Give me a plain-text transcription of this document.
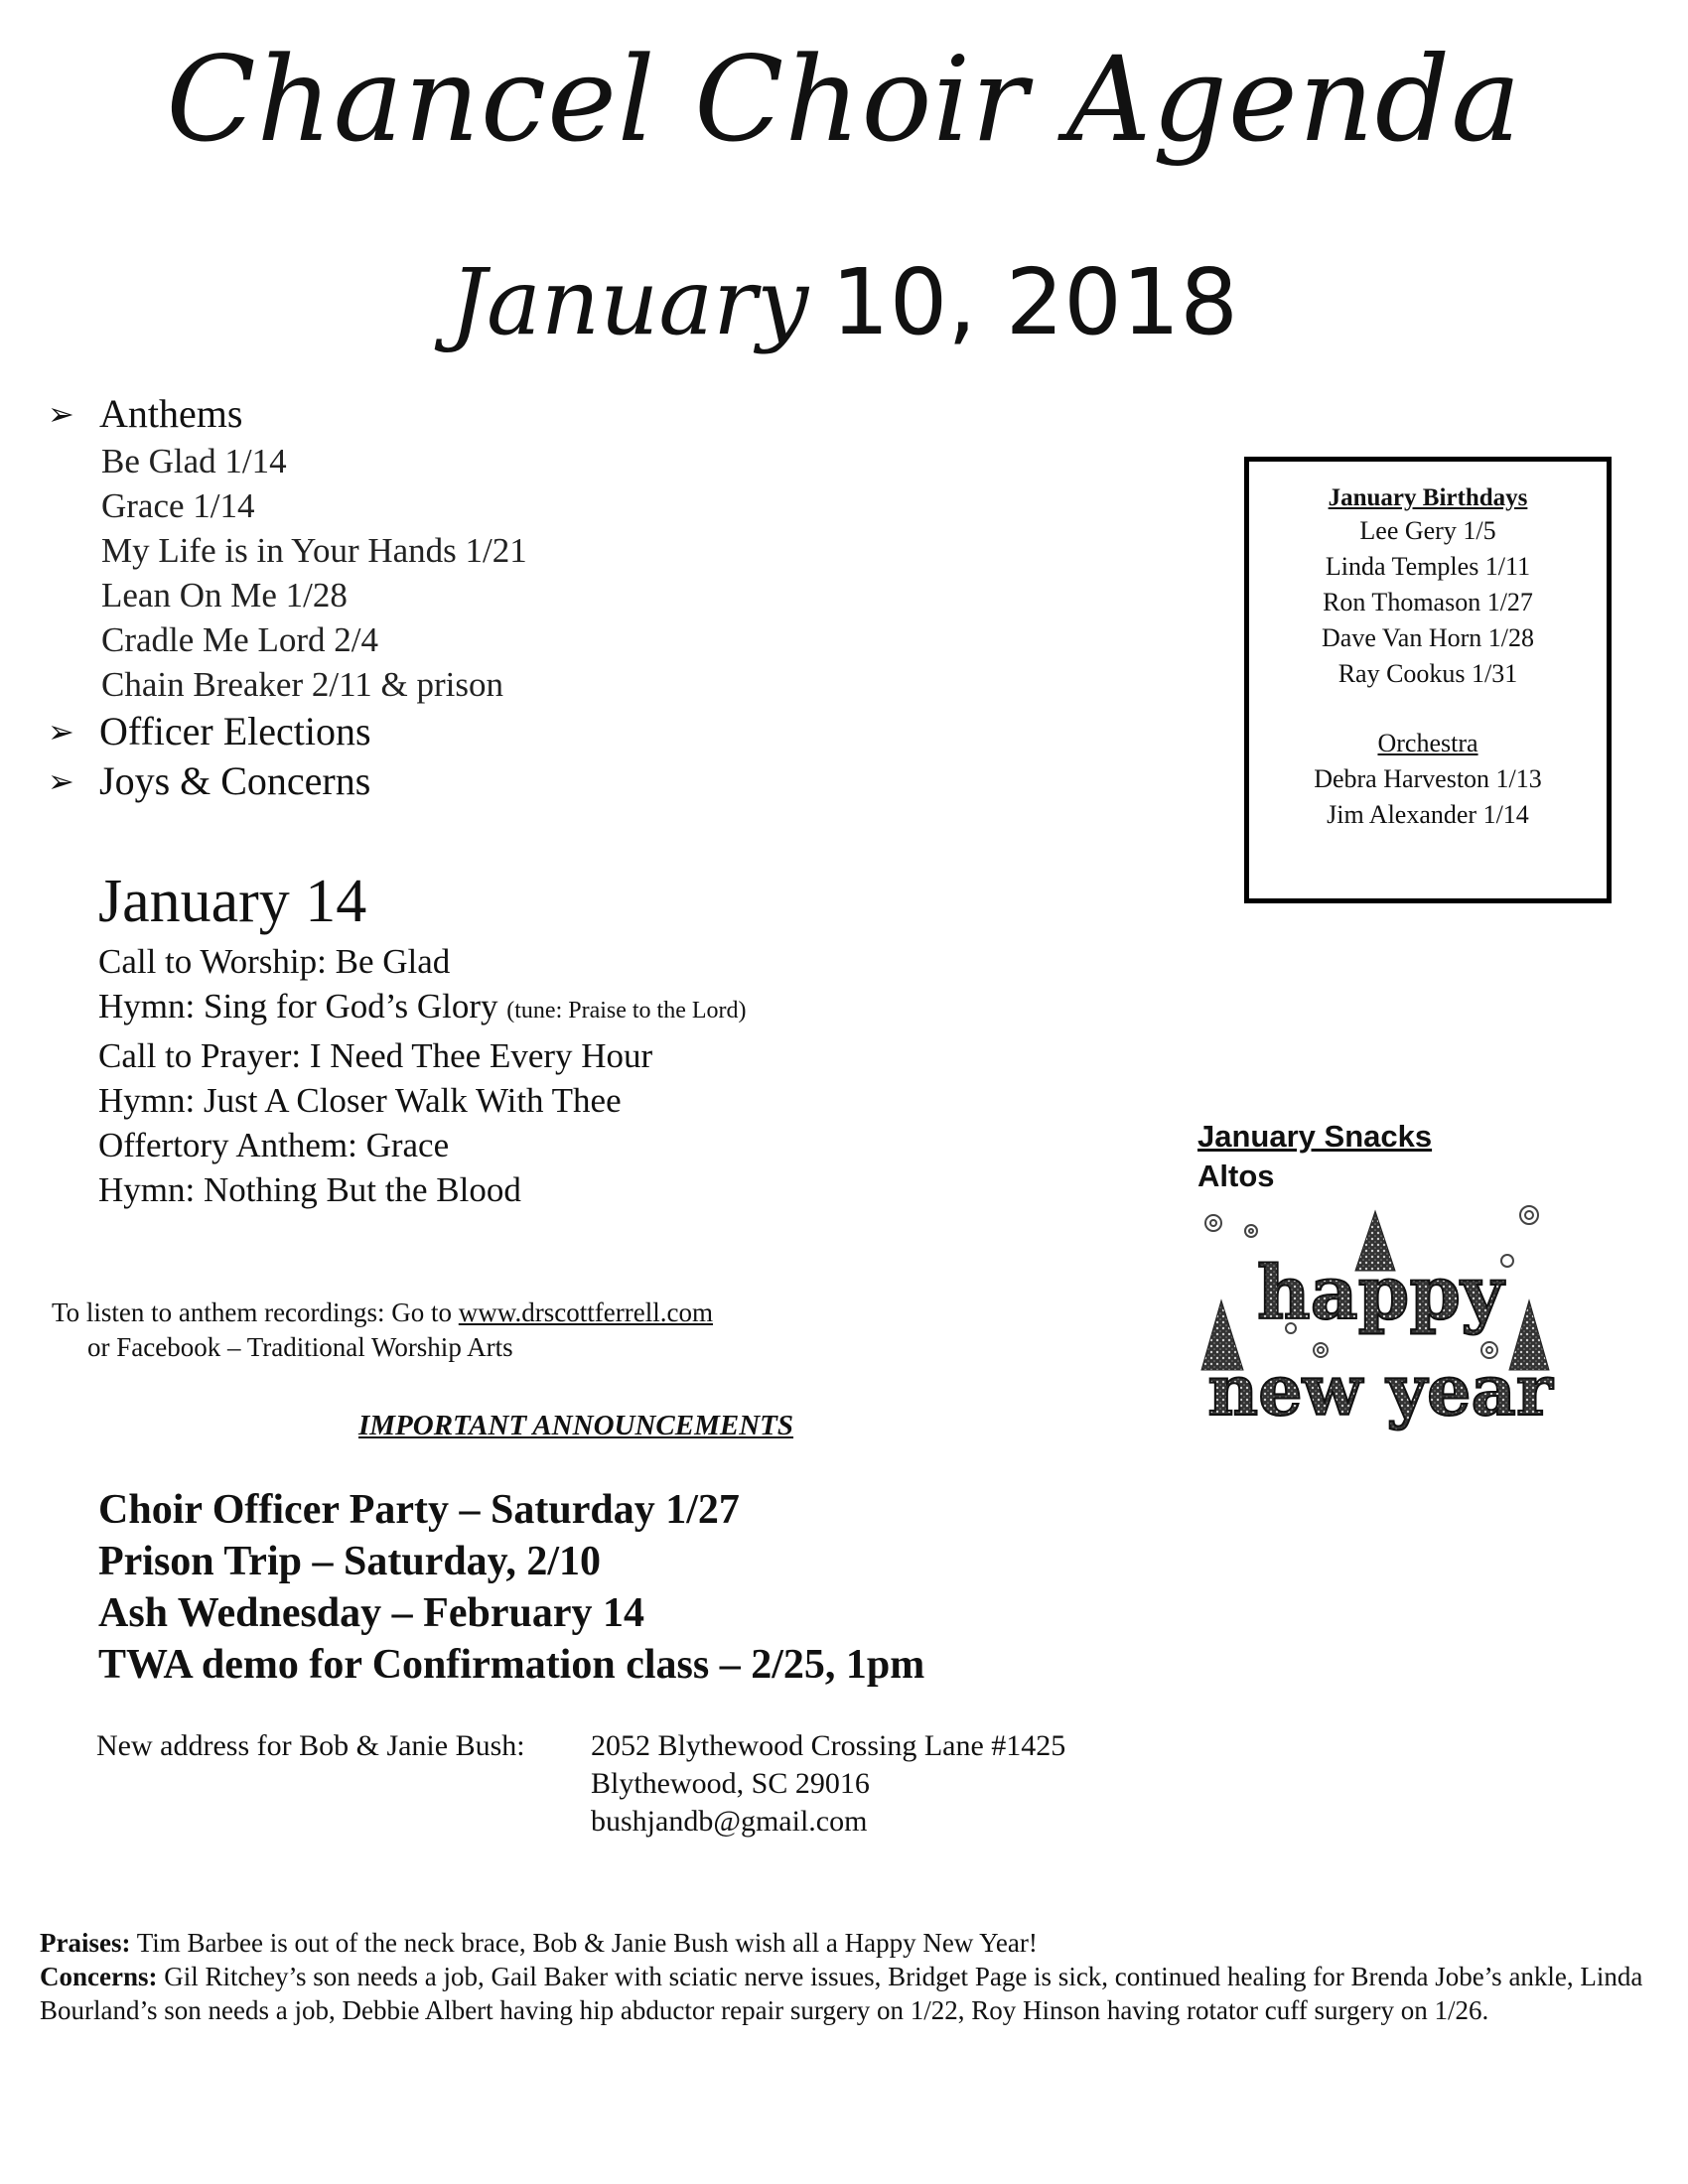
Chancel Choir Agenda
January 10, 2018
➢ Anthems
Be Glad 1/14
Grace 1/14
My Life is in Your Hands 1/21
Lean On Me 1/28
Cradle Me Lord 2/4
Chain Breaker 2/11 & prison
➢ Officer Elections
➢ Joys & Concerns
January Birthdays
Lee Gery 1/5
Linda Temples 1/11
Ron Thomason 1/27
Dave Van Horn 1/28
Ray Cookus 1/31
Orchestra
Debra Harveston 1/13
Jim Alexander 1/14
January 14
Call to Worship: Be Glad
Hymn: Sing for God’s Glory (tune: Praise to the Lord)
Call to Prayer: I Need Thee Every Hour
Hymn: Just A Closer Walk With Thee
Offertory Anthem: Grace
Hymn: Nothing But the Blood
January Snacks
Altos
happy
new year
To listen to anthem recordings: Go to www.drscottferrell.com
or Facebook – Traditional Worship Arts
IMPORTANT ANNOUNCEMENTS
Choir Officer Party – Saturday 1/27
Prison Trip – Saturday, 2/10
Ash Wednesday – February 14
TWA demo for Confirmation class – 2/25, 1pm
New address for Bob & Janie Bush: 2052 Blythewood Crossing Lane #1425
Blythewood, SC 29016
bushjandb@gmail.com
Praises: Tim Barbee is out of the neck brace, Bob & Janie Bush wish all a Happy New Year!
Concerns: Gil Ritchey’s son needs a job, Gail Baker with sciatic nerve issues, Bridget Page is sick, continued healing for Brenda Jobe’s ankle, Linda Bourland’s son needs a job, Debbie Albert having hip abductor repair surgery on 1/22, Roy Hinson having rotator cuff surgery on 1/26.
